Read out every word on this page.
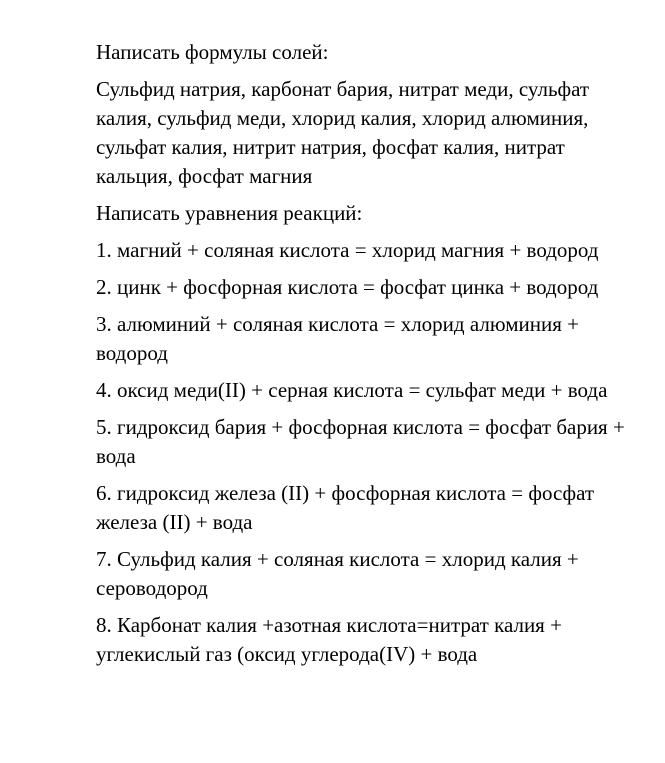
Написать формулы солей:

Сульфид натрия, карбонат бария, нитрат меди, сульфат калия, сульфид меди, хлорид калия, хлорид алюминия, сульфат калия, нитрит натрия, фосфат калия, нитрат кальция, фосфат магния

Написать уравнения реакций:

1. магний + соляная кислота = хлорид магния + водород
2. цинк + фосфорная кислота = фосфат цинка + водород
3. алюминий + соляная кислота = хлорид алюминия + водород
4. оксид меди(II) + серная кислота = сульфат меди + вода
5. гидроксид бария + фосфорная кислота = фосфат бария + вода
6. гидроксид железа (II) + фосфорная кислота = фосфат железа (II) + вода
7. Сульфид калия + соляная кислота = хлорид калия + сероводород
8. Карбонат калия +азотная кислота=нитрат калия + углекислый газ (оксид углерода(IV) + вода
